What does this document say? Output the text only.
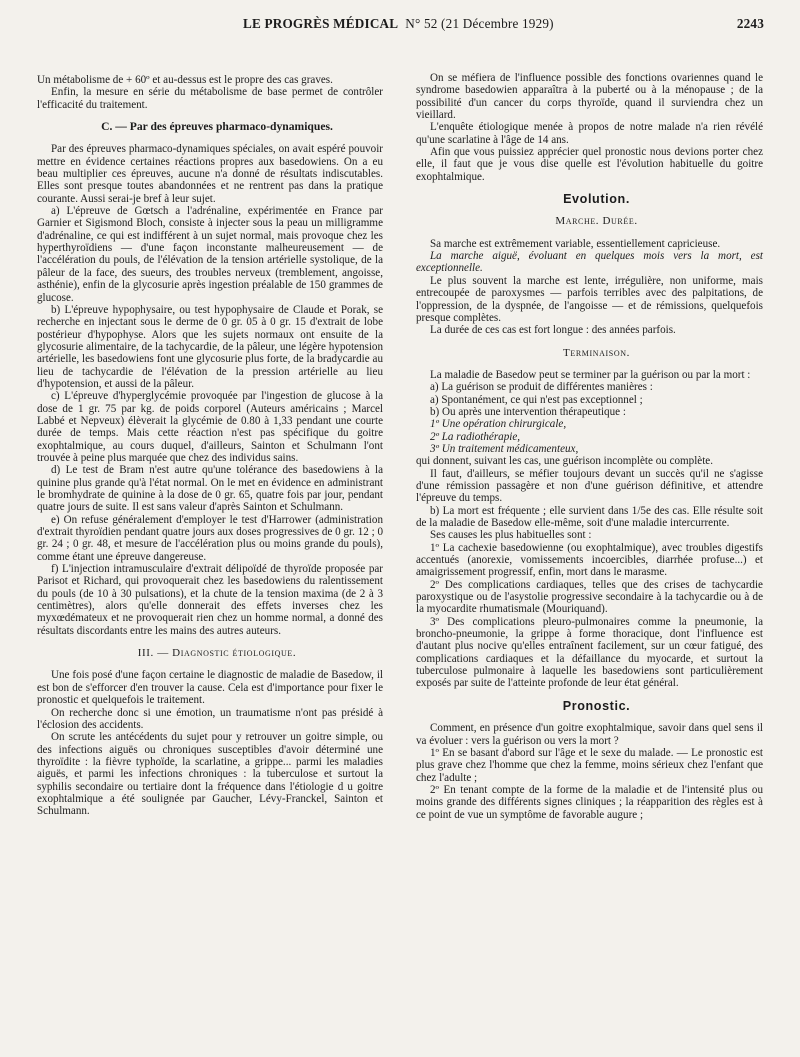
LE PROGRÈS MÉDICAL N° 52 (21 Décembre 1929)	2243

Un métabolisme de + 60º et au-dessus est le propre des cas graves.

Enfin, la mesure en série du métabolisme de base permet de contrôler l'efficacité du traitement.

C. — Par des épreuves pharmaco-dynamiques.

Par des épreuves pharmaco-dynamiques spéciales, on avait espéré pouvoir mettre en évidence certaines réactions propres aux basedowiens. On a eu beau multiplier ces épreuves, aucune n'a donné de résultats indiscutables. Elles sont presque toutes abandonnées et ne rentrent pas dans la pratique courante. Aussi serai-je bref à leur sujet.

a) L'épreuve de Gœtsch a l'adrénaline, expérimentée en France par Garnier et Sigismond Bloch, consiste à injecter sous la peau un milligramme d'adrénaline, ce qui est indifférent à un sujet normal, mais provoque chez les hyperthyroïdiens — d'une façon inconstante malheureusement — de l'accélération du pouls, de l'élévation de la tension artérielle systolique, de la pâleur de la face, des sueurs, des troubles nerveux (tremblement, angoisse, asthénie), enfin de la glycosurie après ingestion préalable de 150 grammes de glucose.

b) L'épreuve hypophysaire, ou test hypophysaire de Claude et Porak, se recherche en injectant sous le derme de 0 gr. 05 à 0 gr. 15 d'extrait de lobe postérieur d'hypophyse. Alors que les sujets normaux ont ensuite de la glycosurie alimentaire, de la tachycardie, de la pâleur, une légère hypotension artérielle, les basedowiens font une glycosurie plus forte, de la bradycardie au lieu de tachycardie de l'élévation de la pression artérielle au lieu d'hypotension, et aussi de la pâleur.

c) L'épreuve d'hyperglycémie provoquée par l'ingestion de glucose à la dose de 1 gr. 75 par kg. de poids corporel (Auteurs américains ; Marcel Labbé et Nepveux) élèverait la glycémie de 0.80 à 1,33 pendant une courte durée de temps. Mais cette réaction n'est pas spécifique du goitre exophtalmique, au cours duquel, d'ailleurs, Sainton et Schulmann l'ont trouvée à peine plus marquée que chez des individus sains.

d) Le test de Bram n'est autre qu'une tolérance des basedowiens à la quinine plus grande qu'à l'état normal. On le met en évidence en administrant le bromhydrate de quinine à la dose de 0 gr. 65, quatre fois par jour, pendant quatre jours de suite. Il est sans valeur d'après Sainton et Schulmann.

e) On refuse généralement d'employer le test d'Harrower (administration d'extrait thyroïdien pendant quatre jours aux doses progressives de 0 gr. 12 ; 0 gr. 24 ; 0 gr. 48, et mesure de l'accélération plus ou moins grande du pouls), comme étant une épreuve dangereuse.

f) L'injection intramusculaire d'extrait délipoïdé de thyroïde proposée par Parisot et Richard, qui provoquerait chez les basedowiens du ralentissement du pouls (de 10 à 30 pulsations), et la chute de la tension maxima (de 2 à 3 centimètres), alors qu'elle donnerait des effets inverses chez les myxœdémateux et ne provoquerait rien chez un homme normal, a donné des résultats discordants entre les mains des autres auteurs.

III. — Diagnostic étiologique.

Une fois posé d'une façon certaine le diagnostic de maladie de Basedow, il est bon de s'efforcer d'en trouver la cause. Cela est d'importance pour fixer le pronostic et quelquefois le traitement.

On recherche donc si une émotion, un traumatisme n'ont pas présidé à l'éclosion des accidents.

On scrute les antécédents du sujet pour y retrouver un goitre simple, ou des infections aiguës ou chroniques susceptibles d'avoir déterminé une thyroïdite : la fièvre typhoïde, la scarlatine, a grippe... parmi les maladies aiguës, et parmi les infections chroniques : la tuberculose et surtout la syphilis secondaire ou tertiaire dont la fréquence dans l'étiologie d u goitre exophtalmique a été soulignée par Gaucher, Lévy-Franckel, Sainton et Schulmann.

On se méfiera de l'influence possible des fonctions ovariennes quand le syndrome basedowien apparaîtra à la puberté ou à la ménopause ; de la possibilité d'un cancer du corps thyroïde, quand il surviendra chez un vieillard.

L'enquête étiologique menée à propos de notre malade n'a rien révélé qu'une scarlatine à l'âge de 14 ans.

Afin que vous puissiez apprécier quel pronostic nous devions porter chez elle, il faut que je vous dise quelle est l'évolution habituelle du goitre exophtalmique.

Evolution.

Marche. Durée.

Sa marche est extrêmement variable, essentiellement capricieuse.

La marche aiguë, évoluant en quelques mois vers la mort, est exceptionnelle.

Le plus souvent la marche est lente, irrégulière, non uniforme, mais entrecoupée de paroxysmes — parfois terribles avec des palpitations, de l'oppression, de la dyspnée, de l'angoisse — et de rémissions, quelquefois presque complètes.

La durée de ces cas est fort longue : des années parfois.

Terminaison.

La maladie de Basedow peut se terminer par la guérison ou par la mort :

a) La guérison se produit de différentes manières :

a) Spontanément, ce qui n'est pas exceptionnel ;

b) Ou après une intervention thérapeutique :

1º Une opération chirurgicale,

2º La radiothérapie,

3º Un traitement médicamenteux,

qui donnent, suivant les cas, une guérison incomplète ou complète.

Il faut, d'ailleurs, se méfier toujours devant un succès qu'il ne s'agisse d'une rémission passagère et non d'une guérison définitive, et attendre l'épreuve du temps.

b) La mort est fréquente ; elle survient dans 1/5e des cas. Elle résulte soit de la maladie de Basedow elle-même, soit d'une maladie intercurrente.

Ses causes les plus habituelles sont :

1º La cachexie basedowienne (ou exophtalmique), avec troubles digestifs accentués (anorexie, vomissements incoercibles, diarrhée profuse...) et amaigrissement progressif, enfin, mort dans le marasme.

2º Des complications cardiaques, telles que des crises de tachycardie paroxystique ou de l'asystolie progressive secondaire à la tachycardie ou à de la myocardite rhumatismale (Mouriquand).

3º Des complications pleuro-pulmonaires comme la pneumonie, la broncho-pneumonie, la grippe à forme thoracique, dont l'influence est d'autant plus nocive qu'elles entraînent facilement, sur un cœur fatigué, des complications cardiaques et la défaillance du myocarde, et surtout la tuberculose pulmonaire à laquelle les basedowiens sont particulièrement exposés par suite de l'atteinte profonde de leur état général.

Pronostic.

Comment, en présence d'un goitre exophtalmique, savoir dans quel sens il va évoluer : vers la guérison ou vers la mort ?

1º En se basant d'abord sur l'âge et le sexe du malade. — Le pronostic est plus grave chez l'homme que chez la femme, moins sérieux chez l'enfant que chez l'adulte ;

2º En tenant compte de la forme de la maladie et de l'intensité plus ou moins grande des différents signes cliniques ; la réapparition des règles est à ce point de vue un symptôme de favorable augure ;
